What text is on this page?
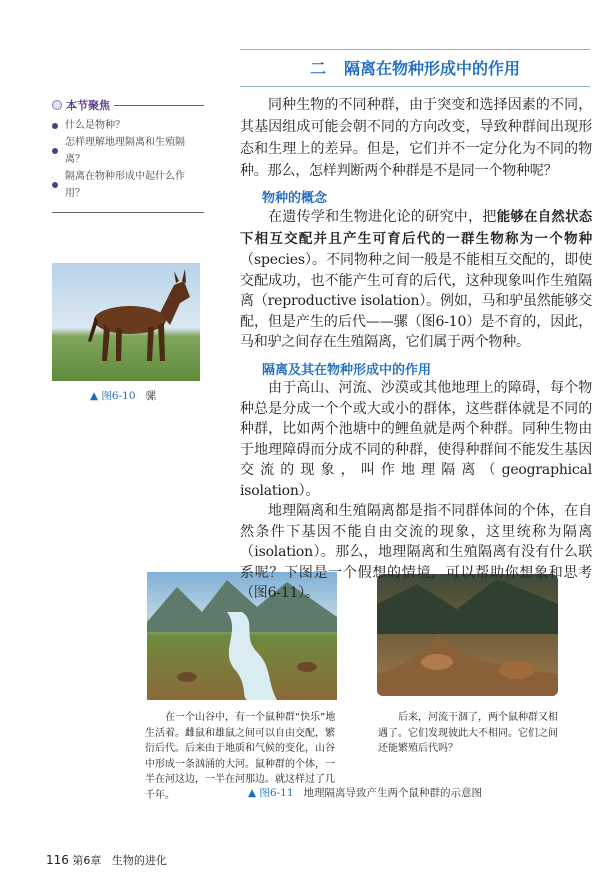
二 隔离在物种形成中的作用
本节聚焦
什么是物种？
怎样理解地理隔离和生殖隔离？
隔离在物种形成中起什么作用？

同种生物的不同种群，由于突变和选择因素的不同，其基因组成可能会朝不同的方向改变，导致种群间出现形态和生理上的差异。但是，它们并不一定分化为不同的物种。那么，怎样判断两个种群是不是同一个物种呢？

物种的概念

在遗传学和生物进化论的研究中，把能够在自然状态下相互交配并且产生可育后代的一群生物称为一个物种（species）。不同物种之间一般是不能相互交配的，即使交配成功，也不能产生可育的后代，这种现象叫作生殖隔离（reproductive isolation）。例如，马和驴虽然能够交配，但是产生的后代——骡（图6-10）是不育的，因此，马和驴之间存在生殖隔离，它们属于两个物种。

隔离及其在物种形成中的作用

由于高山、河流、沙漠或其他地理上的障碍，每个物种总是分成一个个或大或小的群体，这些群体就是不同的种群，比如两个池塘中的鲤鱼就是两个种群。同种生物由于地理障碍而分成不同的种群，使得种群间不能发生基因交流的现象，叫作地理隔离（geographical isolation）。

地理隔离和生殖隔离都是指不同群体间的个体，在自然条件下基因不能自由交流的现象，这里统称为隔离（isolation）。那么，地理隔离和生殖隔离有没有什么联系呢？下图是一个假想的情境，可以帮助你想象和思考（图6-11）。

▲ 图6-10 骡
在一个山谷中，有一个鼠种群“快乐”地生活着。雌鼠和雄鼠之间可以自由交配，繁衍后代。后来由于地质和气候的变化，山谷中形成一条汹涌的大河。鼠种群的个体，一半在河这边，一半在河那边。就这样过了几千年。
后来，河流干涸了，两个鼠种群又相遇了。它们发现彼此大不相同。它们之间还能繁殖后代吗？
▲ 图6-11 地理隔离导致产生两个鼠种群的示意图
116 第6章 生物的进化
